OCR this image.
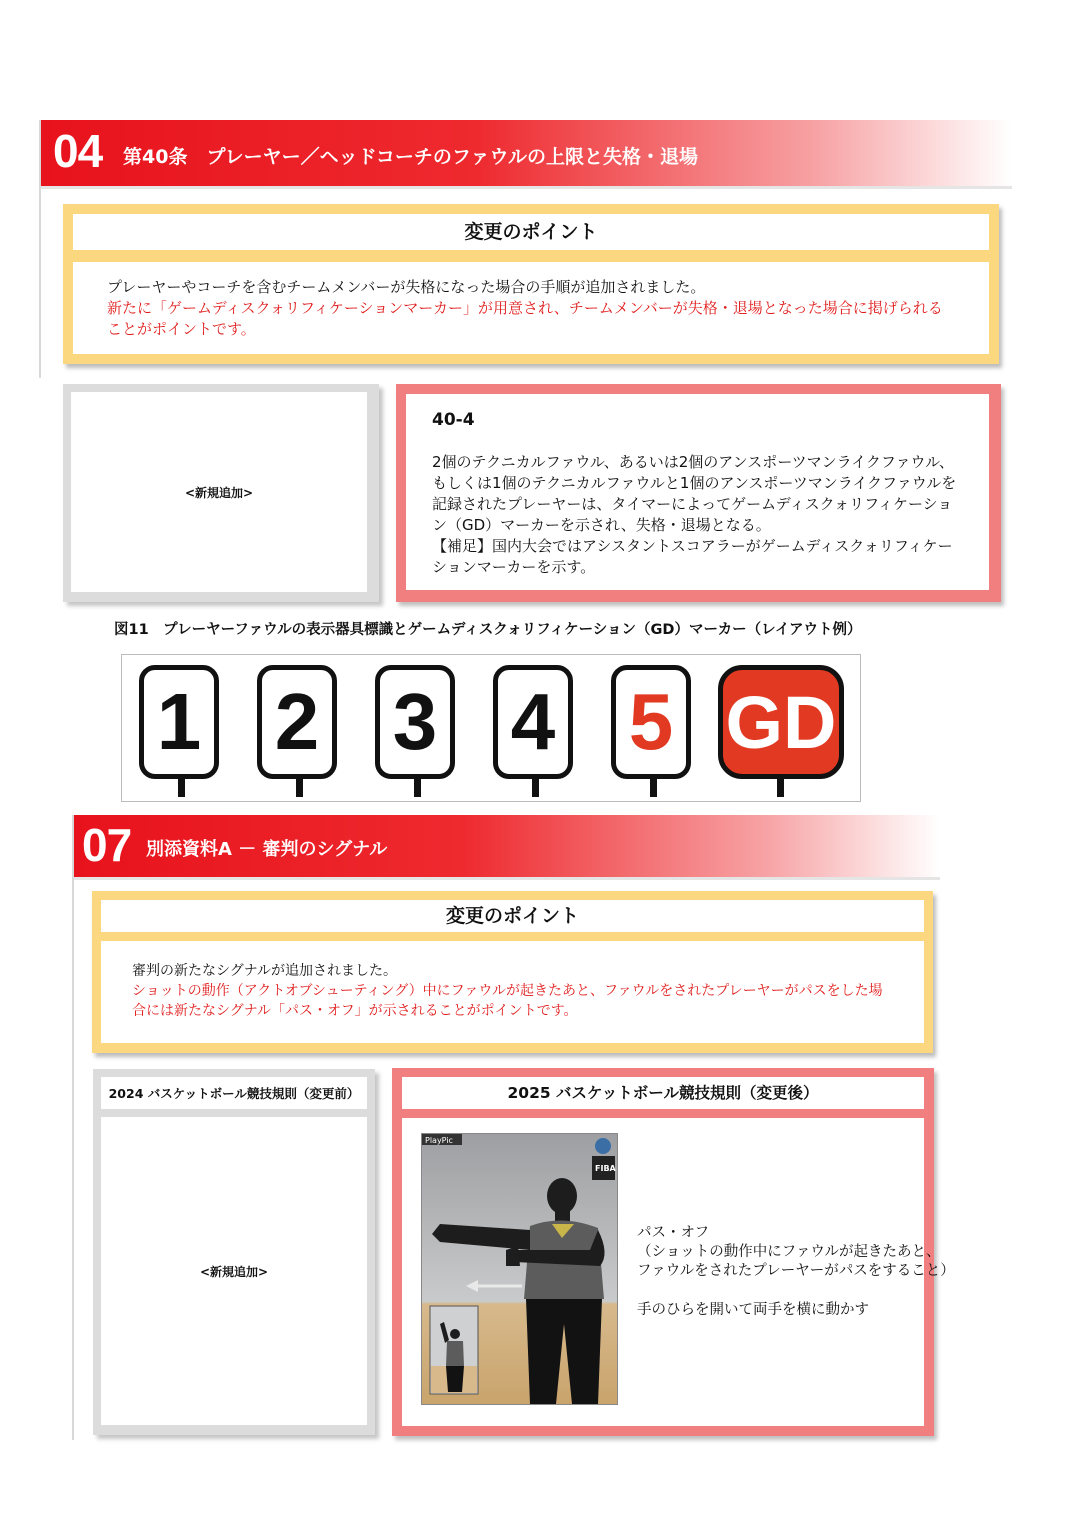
04 第40条　プレーヤー／ヘッドコーチのファウルの上限と失格・退場
変更のポイント
プレーヤーやコーチを含むチームメンバーが失格になった場合の手順が追加されました。
新たに「ゲームディスクォリフィケーションマーカー」が用意され、チームメンバーが失格・退場となった場合に掲げられることがポイントです。
<新規追加>
40-4
2個のテクニカルファウル、あるいは2個のアンスポーツマンライクファウル、もしくは1個のテクニカルファウルと1個のアンスポーツマンライクファウルを記録されたプレーヤーは、タイマーによってゲームディスクォリフィケーション（GD）マーカーを示され、失格・退場となる。
【補足】国内大会ではアシスタントスコアラーがゲームディスクォリフィケーションマーカーを示す。
図11　プレーヤーファウルの表示器具標識とゲームディスクォリフィケーション（GD）マーカー（レイアウト例）
1 2 3 4 5 GD
07 別添資料A － 審判のシグナル
変更のポイント
審判の新たなシグナルが追加されました。
ショットの動作（アクトオブシューティング）中にファウルが起きたあと、ファウルをされたプレーヤーがパスをした場合には新たなシグナル「パス・オフ」が示されることがポイントです。
2024 バスケットボール競技規則（変更前）
<新規追加>
2025 バスケットボール競技規則（変更後）
PlayPic
FIBA
パス・オフ
（ショットの動作中にファウルが起きたあと、
ファウルをされたプレーヤーがパスをすること）
手のひらを開いて両手を横に動かす
